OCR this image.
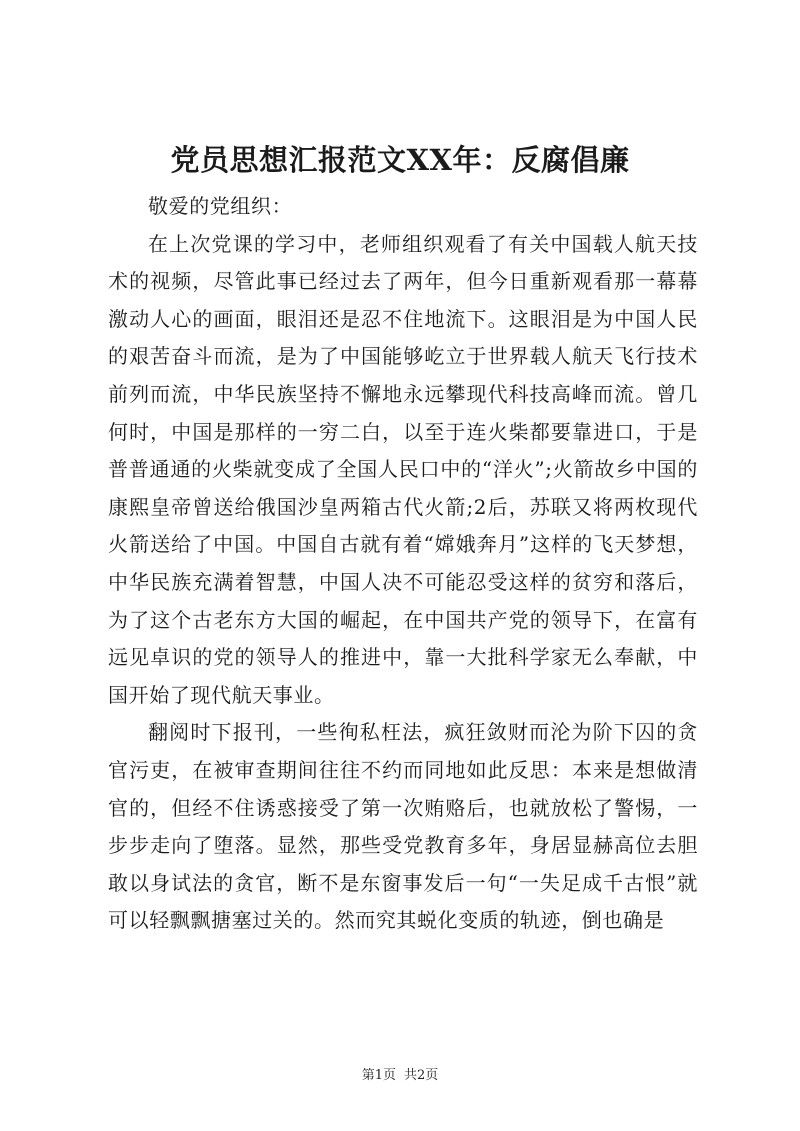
党员思想汇报范文XX年：反腐倡廉

敬爱的党组织：

在上次党课的学习中，老师组织观看了有关中国载人航天技术的视频，尽管此事已经过去了两年，但今日重新观看那一幕幕激动人心的画面，眼泪还是忍不住地流下。这眼泪是为中国人民的艰苦奋斗而流，是为了中国能够屹立于世界载人航天飞行技术前列而流，中华民族坚持不懈地永远攀现代科技高峰而流。曾几何时，中国是那样的一穷二白，以至于连火柴都要靠进口，于是普普通通的火柴就变成了全国人民口中的“洋火”;火箭故乡中国的康熙皇帝曾送给俄国沙皇两箱古代火箭;2后，苏联又将两枚现代火箭送给了中国。中国自古就有着“嫦娥奔月”这样的飞天梦想，中华民族充满着智慧，中国人决不可能忍受这样的贫穷和落后，为了这个古老东方大国的崛起，在中国共产党的领导下，在富有远见卓识的党的领导人的推进中，靠一大批科学家无么奉献，中国开始了现代航天事业。

翻阅时下报刊，一些徇私枉法，疯狂敛财而沦为阶下囚的贪官污吏，在被审查期间往往不约而同地如此反思：本来是想做清官的，但经不住诱惑接受了第一次贿赂后，也就放松了警惕，一步步走向了堕落。显然，那些受党教育多年，身居显赫高位去胆敢以身试法的贪官，断不是东窗事发后一句“一失足成千古恨”就可以轻飘飘搪塞过关的。然而究其蜕化变质的轨迹，倒也确是

第1页 共2页
